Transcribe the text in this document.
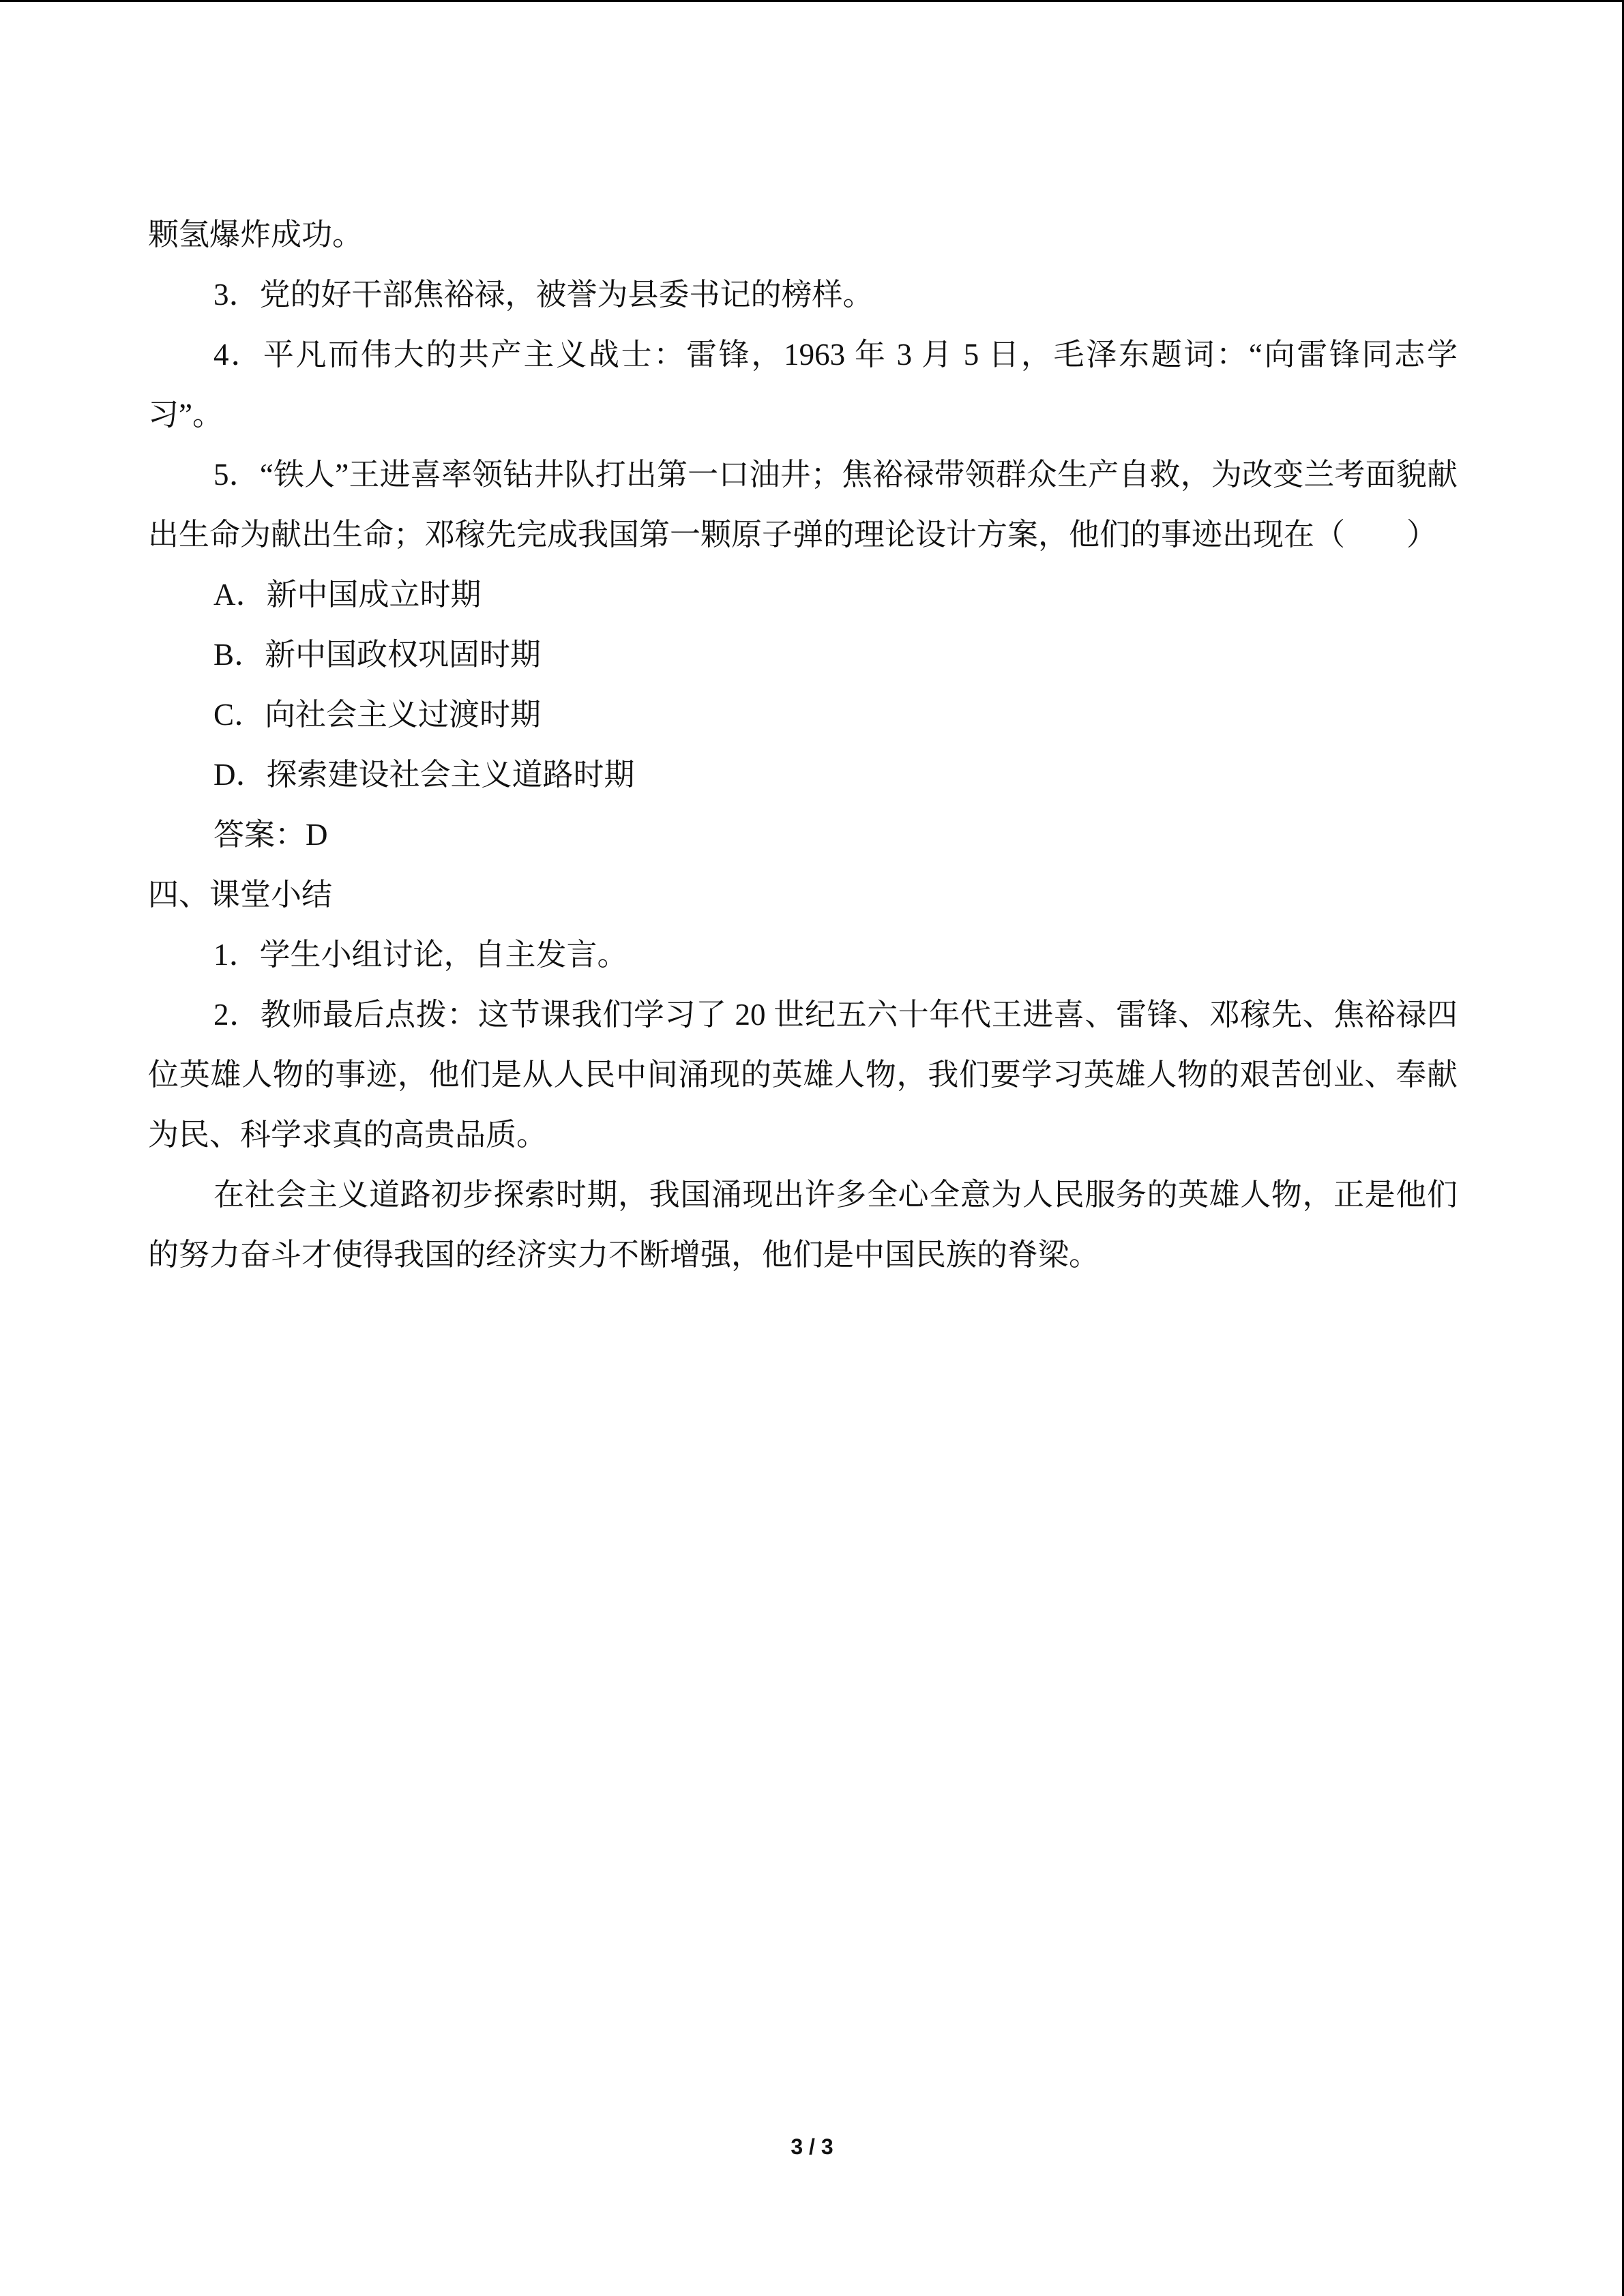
颗氢爆炸成功。

3．党的好干部焦裕禄，被誉为县委书记的榜样。

4．平凡而伟大的共产主义战士：雷锋，1963 年 3 月 5 日，毛泽东题词：“向雷锋同志学习”。

5．“铁人”王进喜率领钻井队打出第一口油井；焦裕禄带领群众生产自救，为改变兰考面貌献出生命为献出生命；邓稼先完成我国第一颗原子弹的理论设计方案，他们的事迹出现在（　　）

A．新中国成立时期

B．新中国政权巩固时期

C．向社会主义过渡时期

D．探索建设社会主义道路时期

答案：D

四、课堂小结

1．学生小组讨论，自主发言。

2．教师最后点拨：这节课我们学习了 20 世纪五六十年代王进喜、雷锋、邓稼先、焦裕禄四位英雄人物的事迹，他们是从人民中间涌现的英雄人物，我们要学习英雄人物的艰苦创业、奉献为民、科学求真的高贵品质。

在社会主义道路初步探索时期，我国涌现出许多全心全意为人民服务的英雄人物，正是他们的努力奋斗才使得我国的经济实力不断增强，他们是中国民族的脊梁。

3 / 3
